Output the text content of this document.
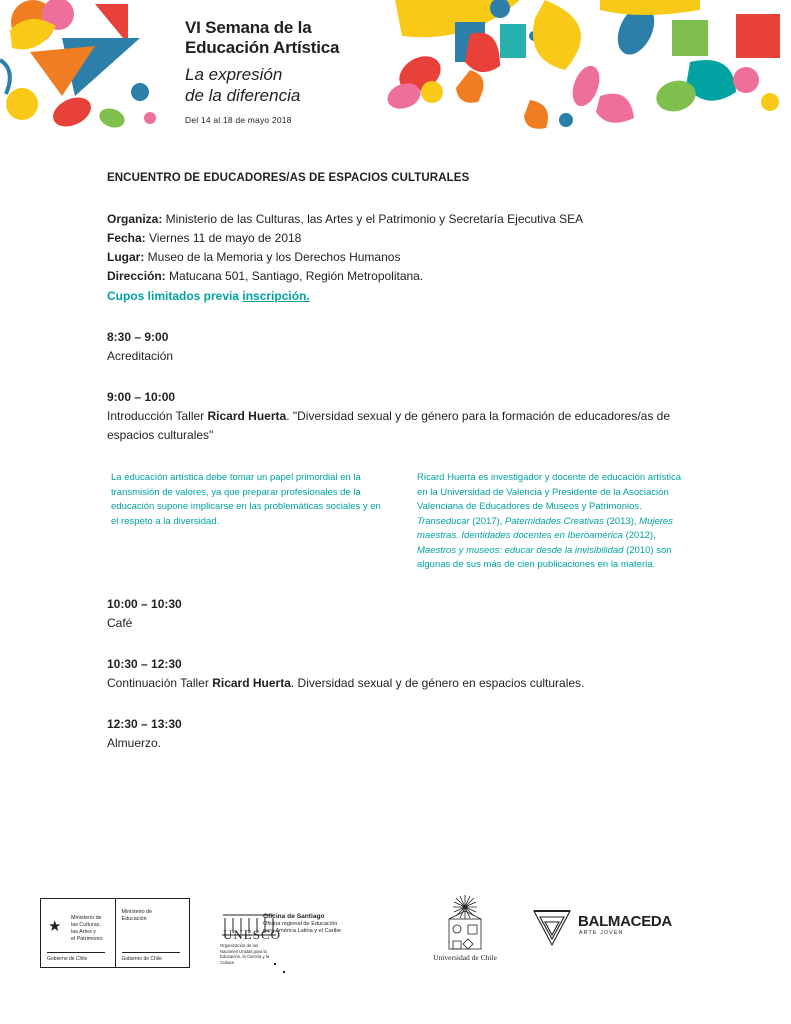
VI Semana de la
Educación Artística
La expresión
de la diferencia
Del 14 al 18 de mayo 2018
ENCUENTRO DE EDUCADORES/AS DE ESPACIOS CULTURALES
Organiza: Ministerio de las Culturas, las Artes y el Patrimonio y Secretaría Ejecutiva SEA
Fecha: Viernes 11 de mayo de 2018
Lugar: Museo de la Memoria y los Derechos Humanos
Dirección: Matucana 501, Santiago, Región Metropolitana.
Cupos limitados previa inscripción.
8:30 – 9:00
Acreditación
9:00 – 10:00
Introducción Taller Ricard Huerta. "Diversidad sexual y de género para la formación de educadores/as de espacios culturales"
La educación artística debe tomar un papel primordial en la transmisión de valores, ya que preparar profesionales de la educación supone implicarse en las problemáticas sociales y en el respeto a la diversidad.
Ricard Huerta es investigador y docente de educación artística en la Universidad de Valencia y Presidente de la Asociación Valenciana de Educadores de Museos y Patrimonios. Transeducar (2017), Paternidades Creativas (2013), Mujeres maestras. Identidades docentes en Iberoamérica (2012), Maestros y museos: educar desde la invisibilidad (2010) son algunas de sus más de cien publicaciones en la materia.
10:00 – 10:30
Café
10:30 – 12:30
Continuación Taller Ricard Huerta. Diversidad sexual y de género en espacios culturales.
12:30 – 13:30
Almuerzo.
★ Ministerio de
las Culturas,
las Artes y
el Patrimonio
Gobierno de Chile
Ministerio de
Educación
Gobierno de Chile
UNESCO
Organización de las Naciones Unidas para la Educación, la Ciencia y la Cultura
Oficina de Santiago
Oficina regional de Educación
para América Latina y el Caribe
Universidad de Chile
BALMACEDA
ARTE JOVEN
